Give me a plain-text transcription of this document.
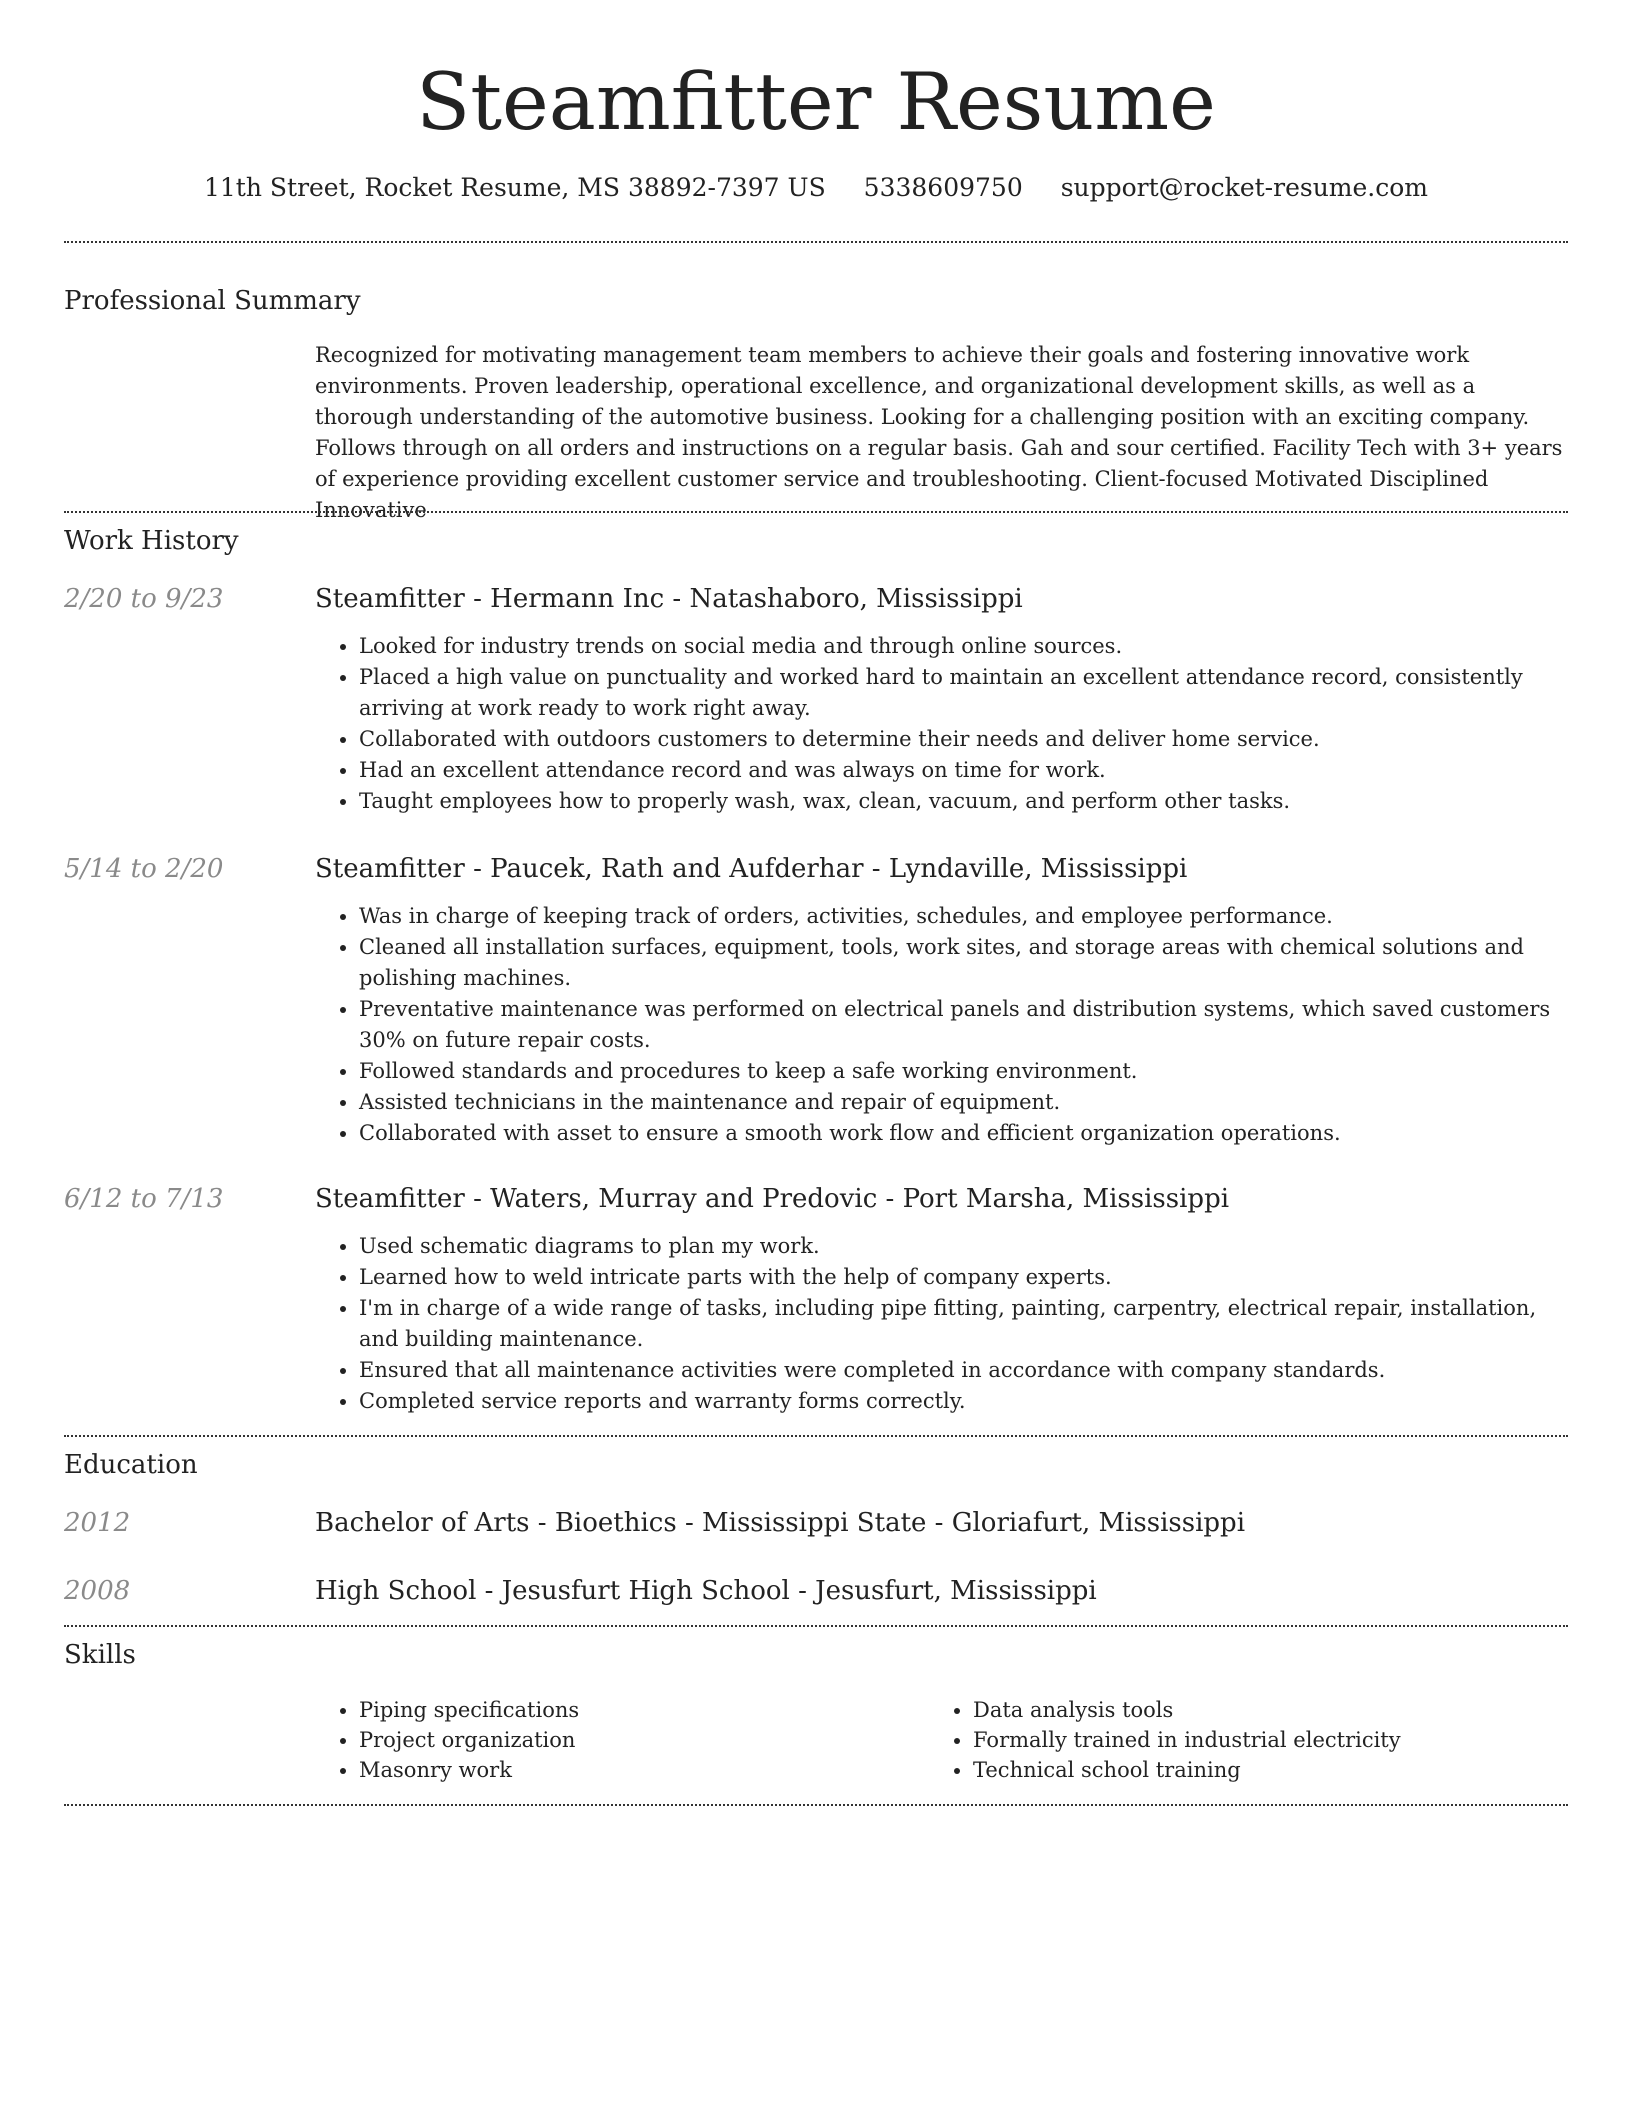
Steamfitter Resume
11th Street, Rocket Resume, MS 38892-7397 US 5338609750 support@rocket-resume.com
Professional Summary
Recognized for motivating management team members to achieve their goals and fostering innovative work environments. Proven leadership, operational excellence, and organizational development skills, as well as a thorough understanding of the automotive business. Looking for a challenging position with an exciting company. Follows through on all orders and instructions on a regular basis. Gah and sour certified. Facility Tech with 3+ years of experience providing excellent customer service and troubleshooting. Client-focused Motivated Disciplined Innovative
Work History
2/20 to 9/23	Steamfitter - Hermann Inc - Natashaboro, Mississippi
• Looked for industry trends on social media and through online sources.
• Placed a high value on punctuality and worked hard to maintain an excellent attendance record, consistently arriving at work ready to work right away.
• Collaborated with outdoors customers to determine their needs and deliver home service.
• Had an excellent attendance record and was always on time for work.
• Taught employees how to properly wash, wax, clean, vacuum, and perform other tasks.
5/14 to 2/20	Steamfitter - Paucek, Rath and Aufderhar - Lyndaville, Mississippi
• Was in charge of keeping track of orders, activities, schedules, and employee performance.
• Cleaned all installation surfaces, equipment, tools, work sites, and storage areas with chemical solutions and polishing machines.
• Preventative maintenance was performed on electrical panels and distribution systems, which saved customers 30% on future repair costs.
• Followed standards and procedures to keep a safe working environment.
• Assisted technicians in the maintenance and repair of equipment.
• Collaborated with asset to ensure a smooth work flow and efficient organization operations.
6/12 to 7/13	Steamfitter - Waters, Murray and Predovic - Port Marsha, Mississippi
• Used schematic diagrams to plan my work.
• Learned how to weld intricate parts with the help of company experts.
• I'm in charge of a wide range of tasks, including pipe fitting, painting, carpentry, electrical repair, installation, and building maintenance.
• Ensured that all maintenance activities were completed in accordance with company standards.
• Completed service reports and warranty forms correctly.
Education
2012	Bachelor of Arts - Bioethics - Mississippi State - Gloriafurt, Mississippi
2008	High School - Jesusfurt High School - Jesusfurt, Mississippi
Skills
• Piping specifications
• Project organization
• Masonry work
• Data analysis tools
• Formally trained in industrial electricity
• Technical school training
